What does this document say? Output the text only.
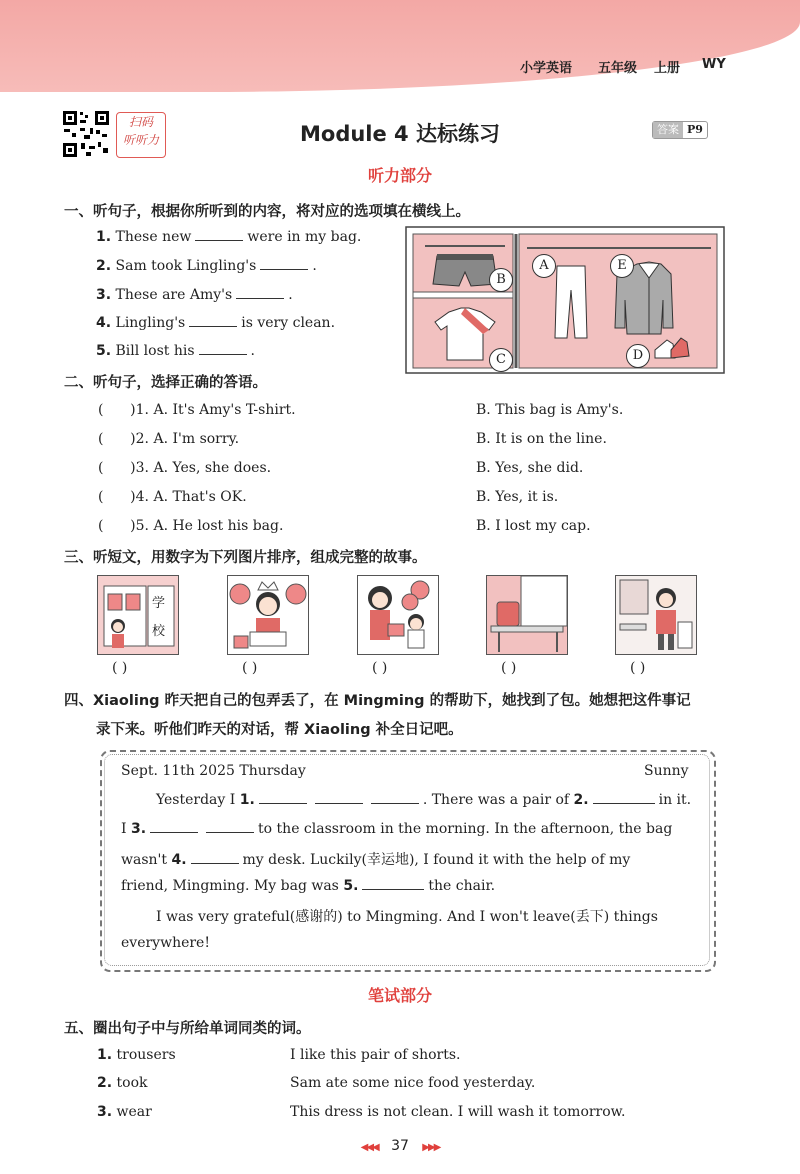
小学英语 五年级 上册 WY
扫码
听听力	Module 4 达标练习	答案 P9
听力部分
一、听句子，根据你所听到的内容，将对应的选项填在横线上。
1. These new	were in my bag.
2. Sam took Lingling's	.
3. These are Amy's	.
4. Lingling's	is very clean.
5. Bill lost his	.
B
C
A	E
D
二、听句子，选择正确的答语。
(      )1. A. It's Amy's T-shirt.	B. This bag is Amy's.
(      )2. A. I'm sorry.	B. It is on the line.
(      )3. A. Yes, she does.	B. Yes, she did.
(      )4. A. That's OK.	B. Yes, it is.
(      )5. A. He lost his bag.	B. I lost my cap.
三、听短文，用数字为下列图片排序，组成完整的故事。
学
校
( )	( )	( )	( )	( )
四、Xiaoling 昨天把自己的包弄丢了，在 Mingming 的帮助下，她找到了包。她想把这件事记
录下来。听他们昨天的对话，帮 Xiaoling 补全日记吧。
Sept. 11th 2025 Thursday	Sunny
Yesterday I 1.	. There was a pair of 2.	in it.
I 3.	to the classroom in the morning. In the afternoon, the bag
wasn't 4.	my desk. Luckily(幸运地), I found it with the help of my
friend, Mingming. My bag was 5.	the chair.
I was very grateful(感谢的) to Mingming. And I won't leave(丢下) things
everywhere!
笔试部分
五、圈出句子中与所给单词同类的词。
1. trousers	I like this pair of shorts.
2. took	Sam ate some nice food yesterday.
3. wear	This dress is not clean. I will wash it tomorrow.
◀◀◀ 37 ▶▶▶
